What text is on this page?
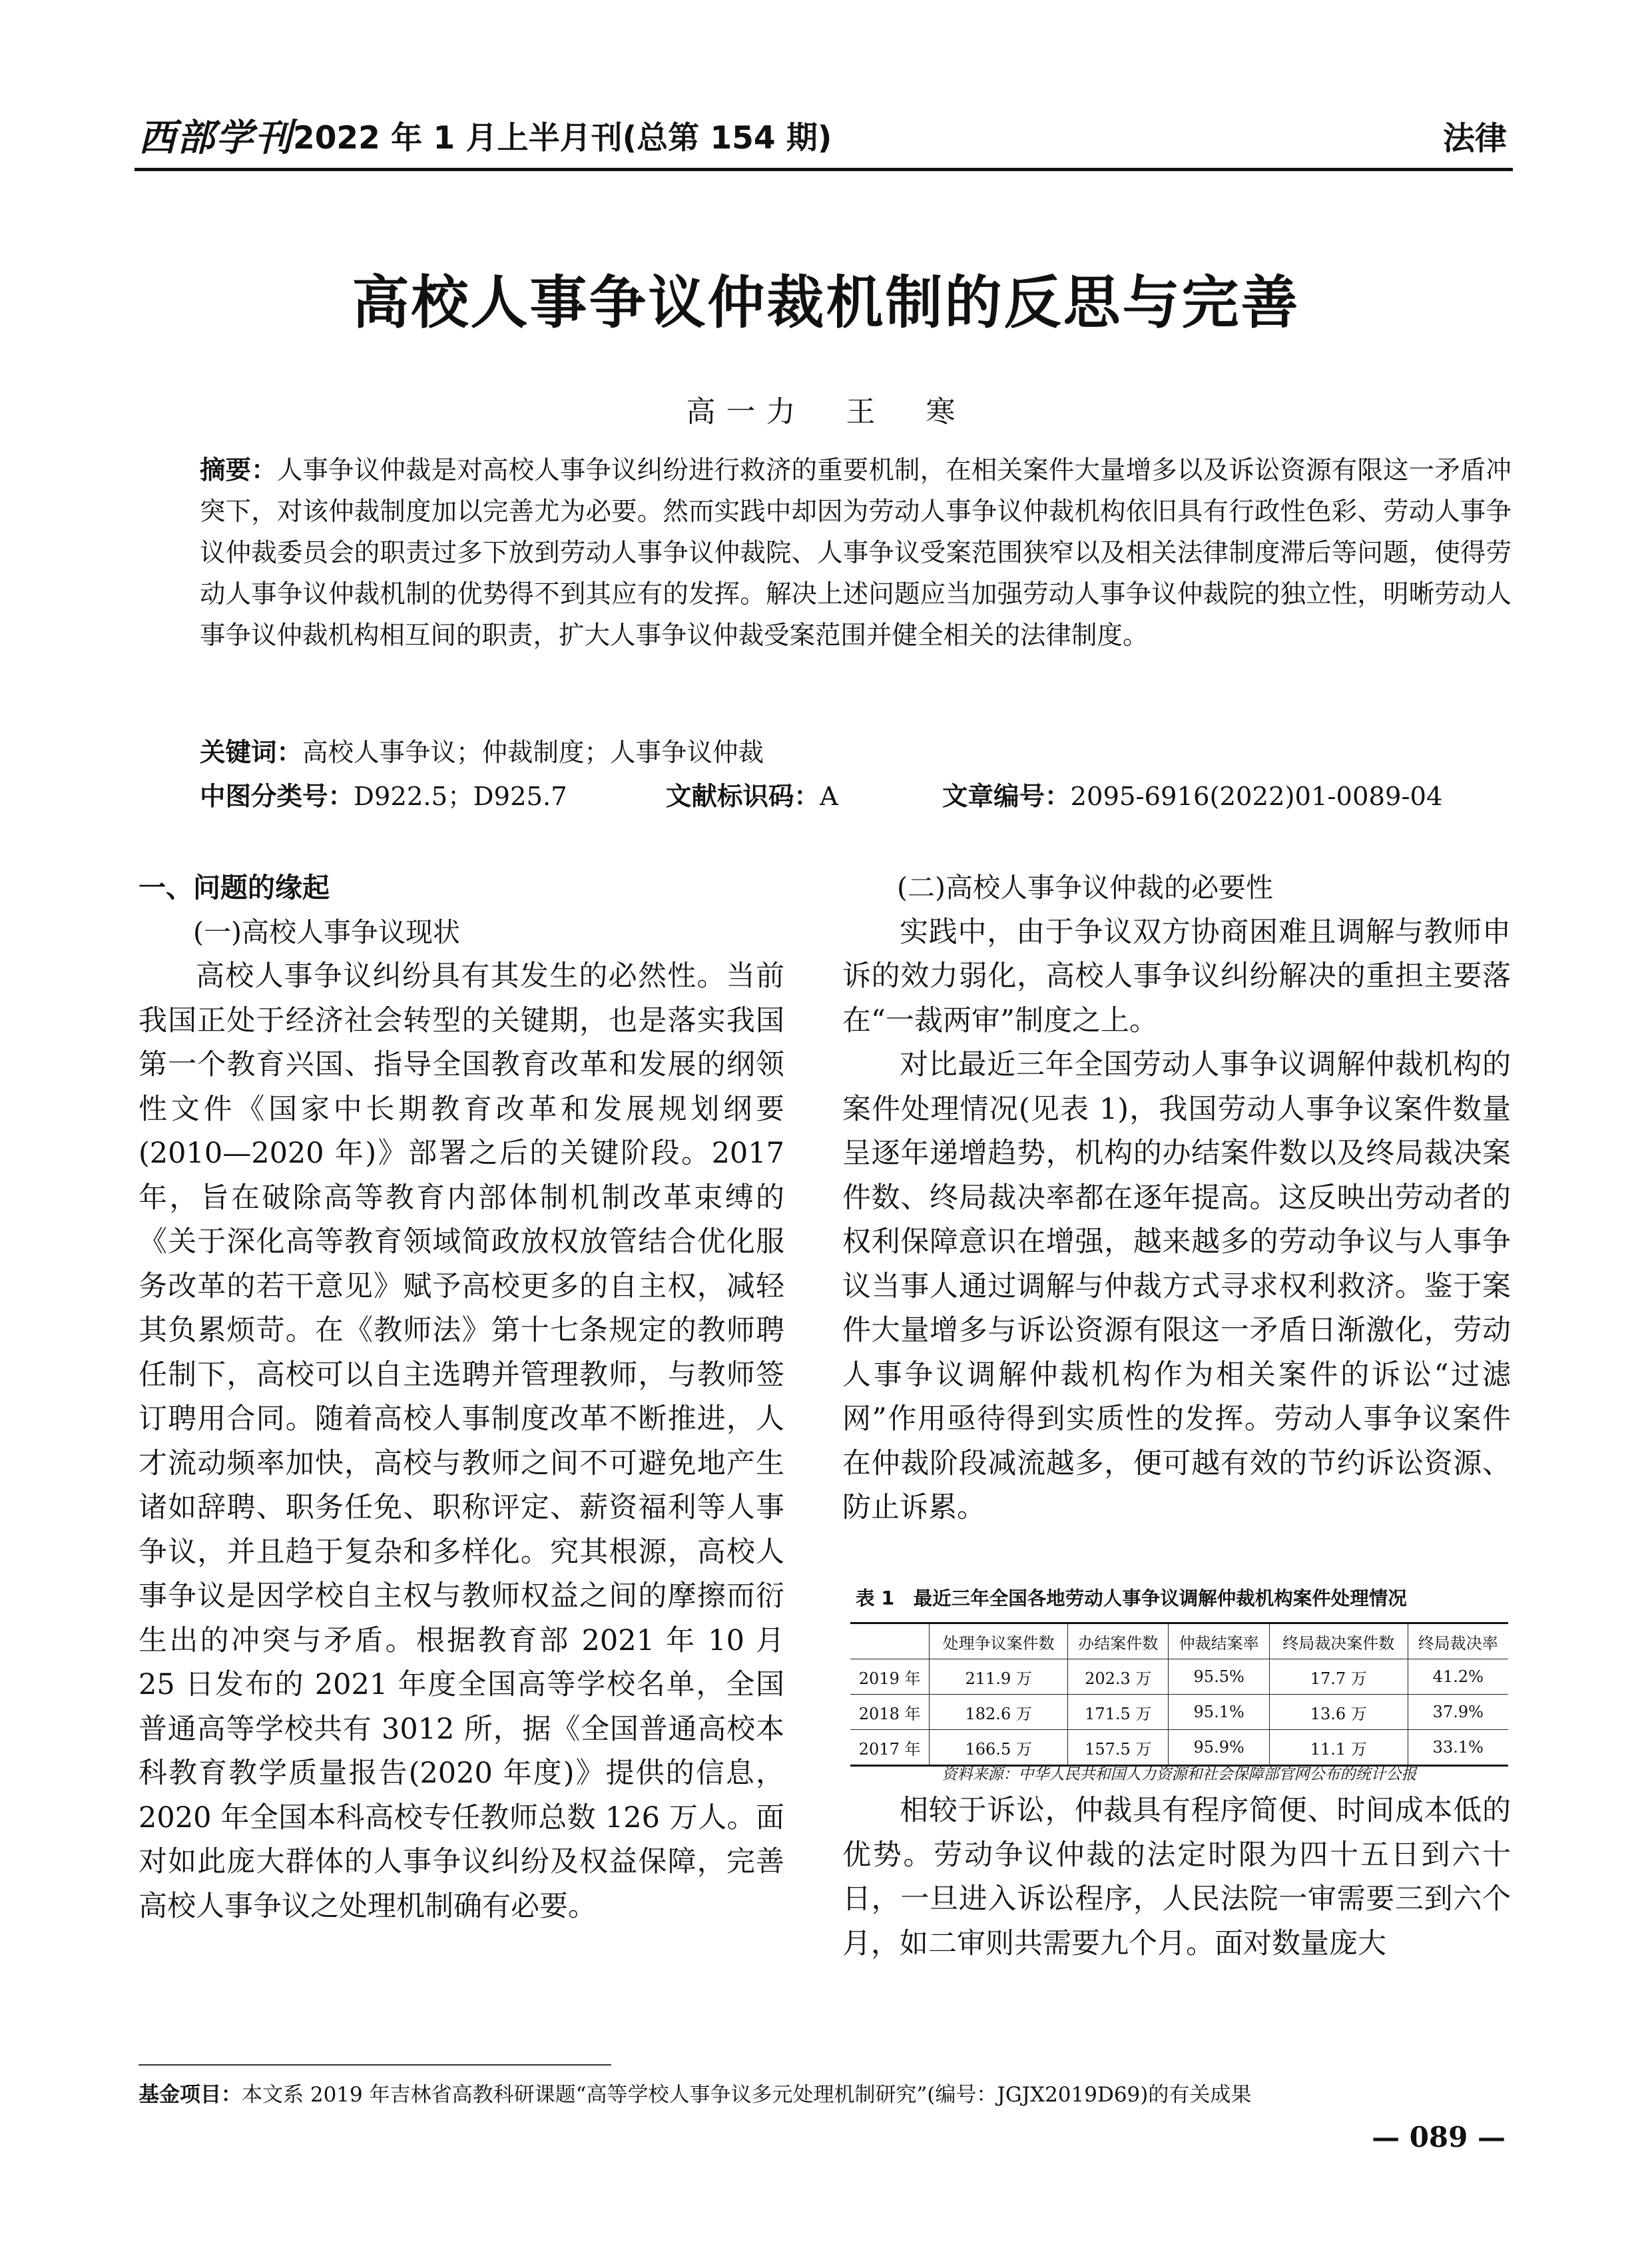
西部学刊 2022 年 1 月上半月刊(总第 154 期)	法律
高校人事争议仲裁机制的反思与完善
高一力　王　寒
摘要：人事争议仲裁是对高校人事争议纠纷进行救济的重要机制，在相关案件大量增多以及诉讼资源有限这一矛盾冲突下，对该仲裁制度加以完善尤为必要。然而实践中却因为劳动人事争议仲裁机构依旧具有行政性色彩、劳动人事争议仲裁委员会的职责过多下放到劳动人事争议仲裁院、人事争议受案范围狭窄以及相关法律制度滞后等问题，使得劳动人事争议仲裁机制的优势得不到其应有的发挥。解决上述问题应当加强劳动人事争议仲裁院的独立性，明晰劳动人事争议仲裁机构相互间的职责，扩大人事争议仲裁受案范围并健全相关的法律制度。
关键词：高校人事争议；仲裁制度；人事争议仲裁
中图分类号：D922.5；D925.7	文献标识码：A	文章编号：2095-6916(2022)01-0089-04

一、问题的缘起

(一)高校人事争议现状

高校人事争议纠纷具有其发生的必然性。当前我国正处于经济社会转型的关键期，也是落实我国第一个教育兴国、指导全国教育改革和发展的纲领性文件《国家中长期教育改革和发展规划纲要(2010—2020 年)》部署之后的关键阶段。2017 年，旨在破除高等教育内部体制机制改革束缚的《关于深化高等教育领域简政放权放管结合优化服务改革的若干意见》赋予高校更多的自主权，减轻其负累烦苛。在《教师法》第十七条规定的教师聘任制下，高校可以自主选聘并管理教师，与教师签订聘用合同。随着高校人事制度改革不断推进，人才流动频率加快，高校与教师之间不可避免地产生诸如辞聘、职务任免、职称评定、薪资福利等人事争议，并且趋于复杂和多样化。究其根源，高校人事争议是因学校自主权与教师权益之间的摩擦而衍生出的冲突与矛盾。根据教育部 2021 年 10 月 25 日发布的 2021 年度全国高等学校名单，全国普通高等学校共有 3012 所，据《全国普通高校本科教育教学质量报告(2020 年度)》提供的信息，2020 年全国本科高校专任教师总数 126 万人。面对如此庞大群体的人事争议纠纷及权益保障，完善高校人事争议之处理机制确有必要。

(二)高校人事争议仲裁的必要性

实践中，由于争议双方协商困难且调解与教师申诉的效力弱化，高校人事争议纠纷解决的重担主要落在“一裁两审”制度之上。

对比最近三年全国劳动人事争议调解仲裁机构的案件处理情况(见表 1)，我国劳动人事争议案件数量呈逐年递增趋势，机构的办结案件数以及终局裁决案件数、终局裁决率都在逐年提高。这反映出劳动者的权利保障意识在增强，越来越多的劳动争议与人事争议当事人通过调解与仲裁方式寻求权利救济。鉴于案件大量增多与诉讼资源有限这一矛盾日渐激化，劳动人事争议调解仲裁机构作为相关案件的诉讼“过滤网”作用亟待得到实质性的发挥。劳动人事争议案件在仲裁阶段减流越多，便可越有效的节约诉讼资源、防止诉累。

表 1　最近三年全国各地劳动人事争议调解仲裁机构案件处理情况
	处理争议案件数	办结案件数	仲裁结案率	终局裁决案件数	终局裁决率
2019 年	211.9 万	202.3 万	95.5%	17.7 万	41.2%
2018 年	182.6 万	171.5 万	95.1%	13.6 万	37.9%
2017 年	166.5 万	157.5 万	95.9%	11.1 万	33.1%
资料来源：中华人民共和国人力资源和社会保障部官网公布的统计公报

相较于诉讼，仲裁具有程序简便、时间成本低的优势。劳动争议仲裁的法定时限为四十五日到六十日，一旦进入诉讼程序，人民法院一审需要三到六个月，如二审则共需要九个月。面对数量庞大

基金项目：本文系 2019 年吉林省高教科研课题“高等学校人事争议多元处理机制研究”(编号：JGJX2019D69)的有关成果
— 089 —
